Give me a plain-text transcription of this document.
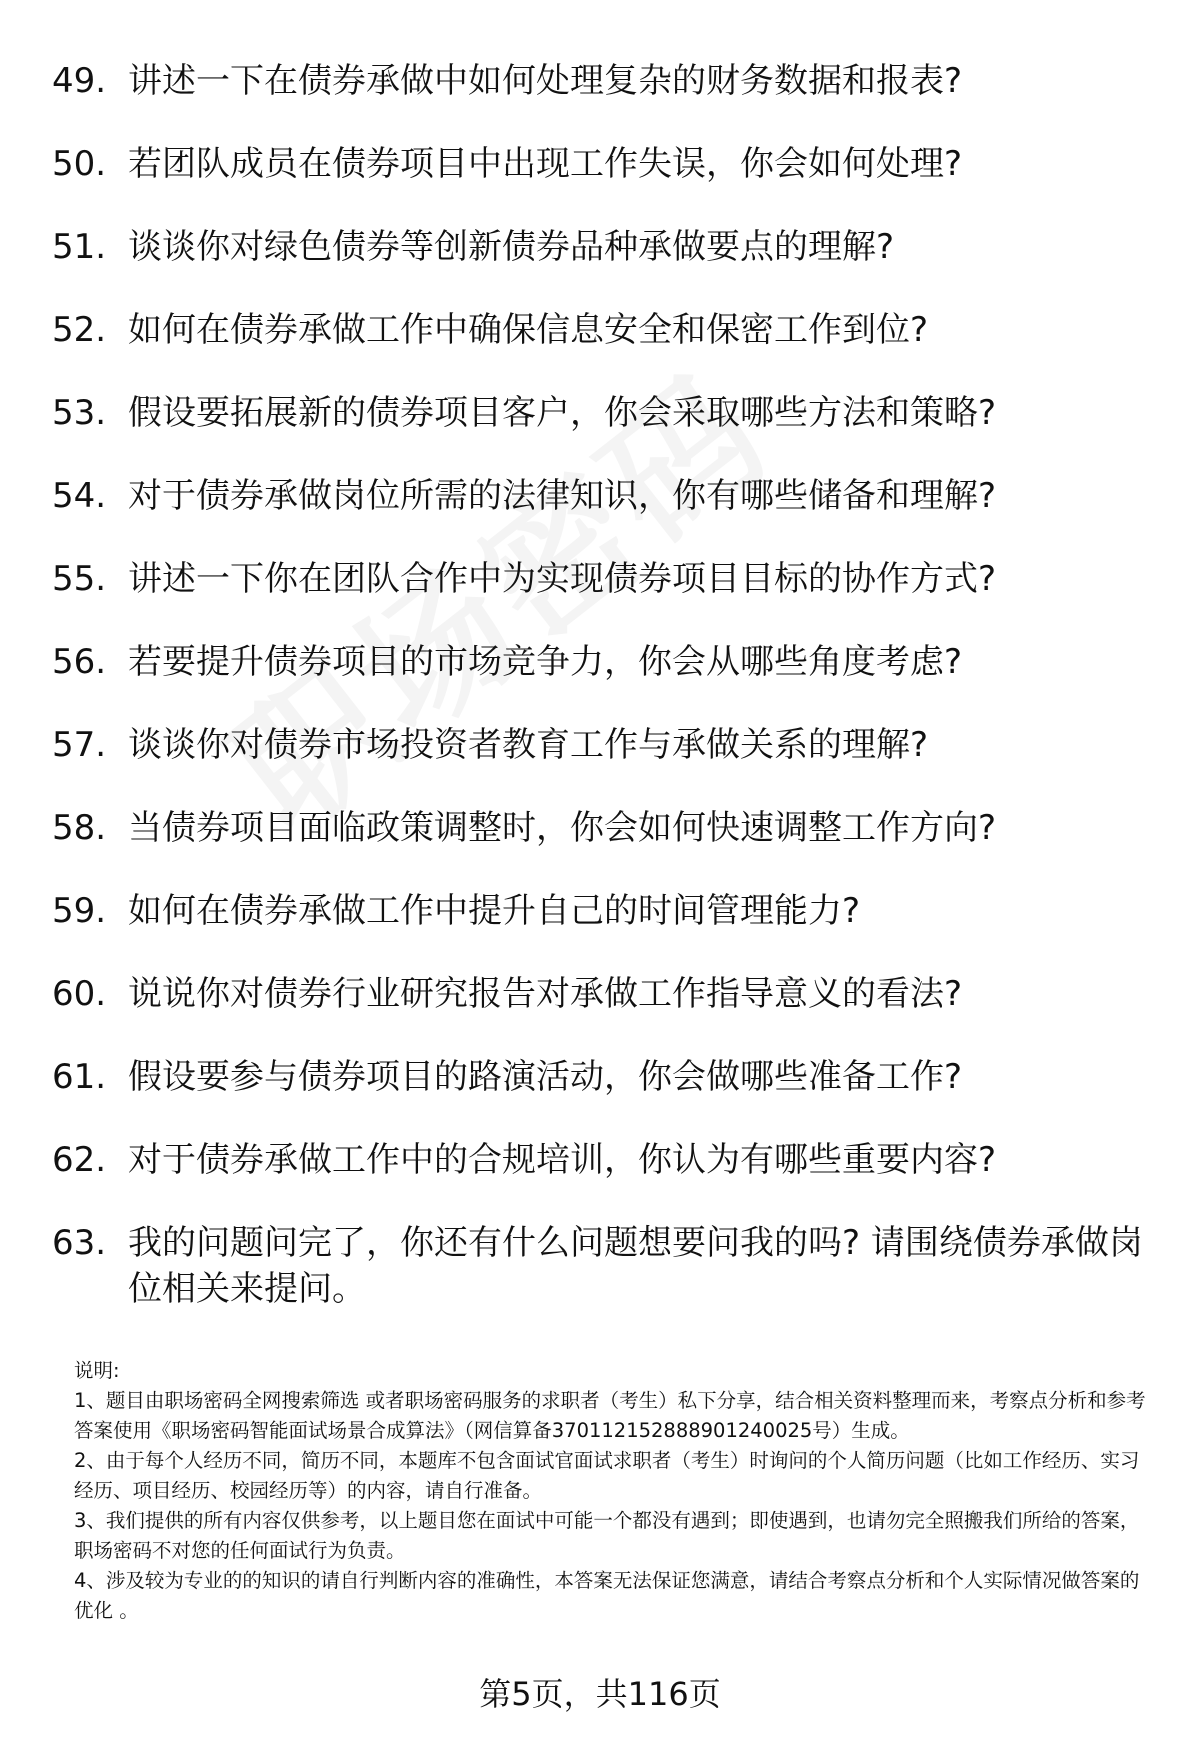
49. 讲述一下在债券承做中如何处理复杂的财务数据和报表?
50. 若团队成员在债券项目中出现工作失误，你会如何处理?
51. 谈谈你对绿色债券等创新债券品种承做要点的理解?
52. 如何在债券承做工作中确保信息安全和保密工作到位?
53. 假设要拓展新的债券项目客户，你会采取哪些方法和策略?
54. 对于债券承做岗位所需的法律知识，你有哪些储备和理解?
55. 讲述一下你在团队合作中为实现债券项目目标的协作方式?
56. 若要提升债券项目的市场竞争力，你会从哪些角度考虑?
57. 谈谈你对债券市场投资者教育工作与承做关系的理解?
58. 当债券项目面临政策调整时，你会如何快速调整工作方向?
59. 如何在债券承做工作中提升自己的时间管理能力?
60. 说说你对债券行业研究报告对承做工作指导意义的看法?
61. 假设要参与债券项目的路演活动，你会做哪些准备工作?
62. 对于债券承做工作中的合规培训，你认为有哪些重要内容?
63. 我的问题问完了，你还有什么问题想要问我的吗? 请围绕债券承做岗位相关来提问。

说明:

1、题目由职场密码全网搜索筛选 或者职场密码服务的求职者（考生）私下分享，结合相关资料整理而来，考察点分析和参考答案使用《职场密码智能面试场景合成算法》（网信算备370112152888901240025号）生成。

2、由于每个人经历不同，简历不同，本题库不包含面试官面试求职者（考生）时询问的个人简历问题（比如工作经历、实习经历、项目经历、校园经历等）的内容，请自行准备。

3、我们提供的所有内容仅供参考，以上题目您在面试中可能一个都没有遇到；即使遇到，也请勿完全照搬我们所给的答案，职场密码不对您的任何面试行为负责。

4、涉及较为专业的的知识的请自行判断内容的准确性，本答案无法保证您满意，请结合考察点分析和个人实际情况做答案的优化 。

第5页，共116页
